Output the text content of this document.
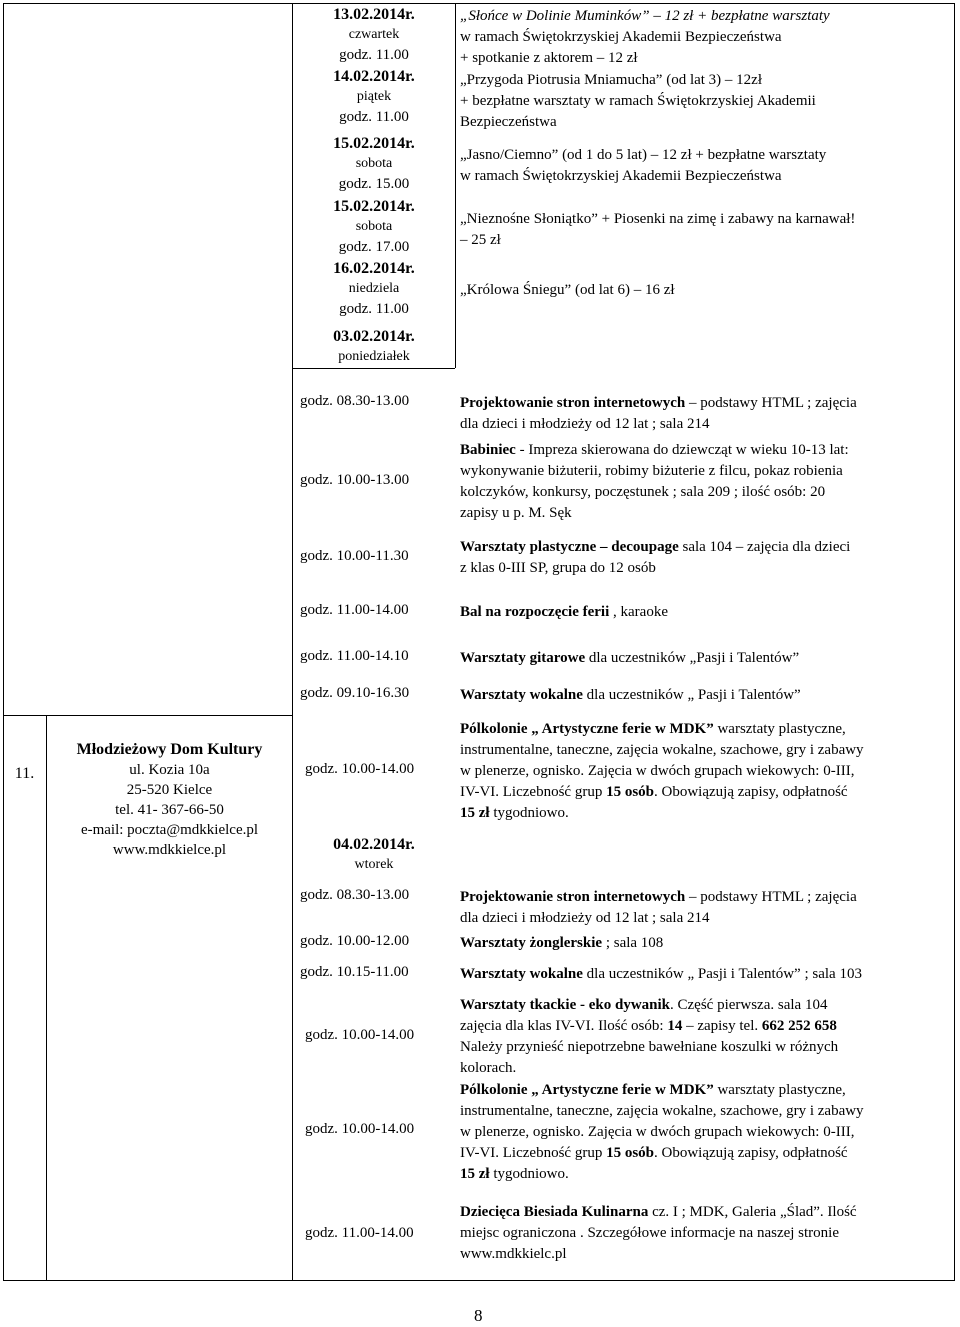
13.02.2014r.
czwartek
godz. 11.00
14.02.2014r.
piątek
godz. 11.00
15.02.2014r.
sobota
godz. 15.00
15.02.2014r.
sobota
godz. 17.00
16.02.2014r.
niedziela
godz. 11.00
03.02.2014r.
poniedziałek
„Słońce w Dolinie Muminków” – 12 zł + bezpłatne warsztaty
w ramach Świętokrzyskiej Akademii Bezpieczeństwa
+ spotkanie z aktorem – 12 zł
„Przygoda Piotrusia Mniamucha” (od lat 3) – 12zł
+ bezpłatne warsztaty w ramach Świętokrzyskiej Akademii
Bezpieczeństwa
„Jasno/Ciemno” (od 1 do 5 lat) – 12 zł + bezpłatne warsztaty
w ramach Świętokrzyskiej Akademii Bezpieczeństwa
„Nieznośne Słoniątko” + Piosenki na zimę i zabawy na karnawał!
– 25 zł
„Królowa Śniegu” (od lat 6) – 16 zł
11.
Młodzieżowy Dom Kultury
ul. Kozia 10a
25-520 Kielce
tel. 41- 367-66-50
e-mail: poczta@mdkkielce.pl
www.mdkkielce.pl
godz. 08.30-13.00
godz. 10.00-13.00
godz. 10.00-11.30
godz. 11.00-14.00
godz. 11.00-14.10
godz. 09.10-16.30
godz. 10.00-14.00
04.02.2014r.
wtorek
godz. 08.30-13.00
godz. 10.00-12.00
godz. 10.15-11.00
godz. 10.00-14.00
godz. 10.00-14.00
godz. 11.00-14.00
Projektowanie stron internetowych – podstawy HTML ; zajęcia
dla dzieci i młodzieży od 12 lat ; sala 214
Babiniec - Impreza skierowana do dziewcząt w wieku 10-13 lat:
wykonywanie biżuterii, robimy biżuterie z filcu, pokaz robienia
kolczyków, konkursy, poczęstunek ; sala 209 ; ilość osób: 20
zapisy u p. M. Sęk
Warsztaty plastyczne – decoupage sala 104 – zajęcia dla dzieci
z klas 0-III SP, grupa do 12 osób
Bal na rozpoczęcie ferii , karaoke
Warsztaty gitarowe dla uczestników „Pasji i Talentów”
Warsztaty wokalne dla uczestników „ Pasji i Talentów”
Pólkolonie „ Artystyczne ferie w MDK” warsztaty plastyczne,
instrumentalne, taneczne, zajęcia wokalne, szachowe, gry i zabawy
w plenerze, ognisko. Zajęcia w dwóch grupach wiekowych: 0-III,
IV-VI. Liczebność grup 15 osób. Obowiązują zapisy, odpłatność
15 zł tygodniowo.
Projektowanie stron internetowych – podstawy HTML ; zajęcia
dla dzieci i młodzieży od 12 lat ; sala 214
Warsztaty żonglerskie ; sala 108
Warsztaty wokalne dla uczestników „ Pasji i Talentów” ; sala 103
Warsztaty tkackie - eko dywanik. Część pierwsza. sala 104
zajęcia dla klas IV-VI. Ilość osób: 14 – zapisy tel. 662 252 658
Należy przynieść niepotrzebne bawełniane koszulki w różnych
kolorach.
Pólkolonie „ Artystyczne ferie w MDK” warsztaty plastyczne,
instrumentalne, taneczne, zajęcia wokalne, szachowe, gry i zabawy
w plenerze, ognisko. Zajęcia w dwóch grupach wiekowych: 0-III,
IV-VI. Liczebność grup 15 osób. Obowiązują zapisy, odpłatność
15 zł tygodniowo.
Dziecięca Biesiada Kulinarna cz. I ; MDK, Galeria „Ślad”. Ilość
miejsc ograniczona . Szczegółowe informacje na naszej stronie
www.mdkkielc.pl
8
